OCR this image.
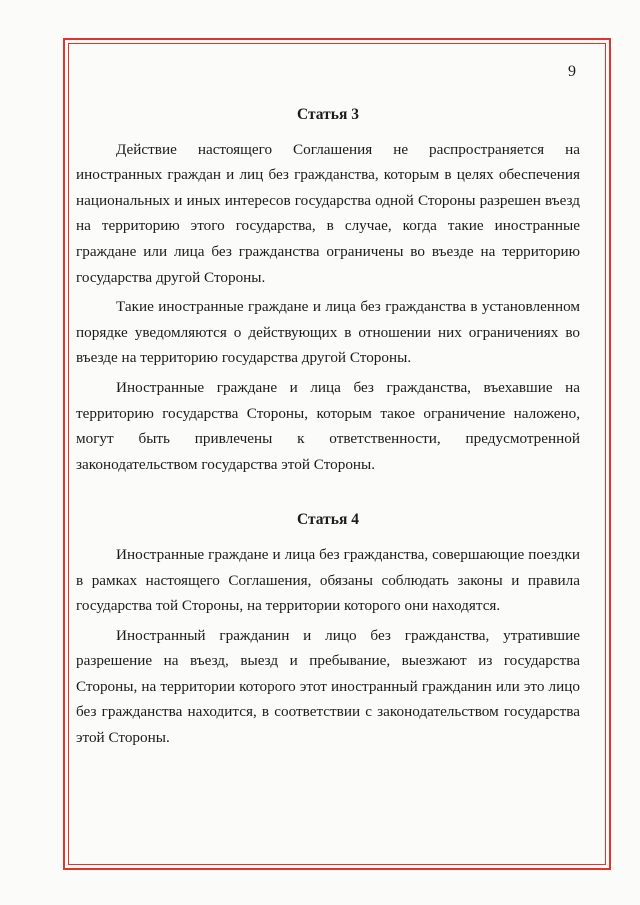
9
Статья 3

Действие настоящего Соглашения не распространяется на иностранных граждан и лиц без гражданства, которым в целях обеспечения национальных и иных интересов государства одной Стороны разрешен въезд на территорию этого государства, в случае, когда такие иностранные граждане или лица без гражданства ограничены во въезде на территорию государства другой Стороны.

Такие иностранные граждане и лица без гражданства в установленном порядке уведомляются о действующих в отношении них ограничениях во въезде на территорию государства другой Стороны.

Иностранные граждане и лица без гражданства, въехавшие на территорию государства Стороны, которым такое ограничение наложено, могут быть привлечены к ответственности, предусмотренной законодательством государства этой Стороны.

Статья 4

Иностранные граждане и лица без гражданства, совершающие поездки в рамках настоящего Соглашения, обязаны соблюдать законы и правила государства той Стороны, на территории которого они находятся.

Иностранный гражданин и лицо без гражданства, утратившие разрешение на въезд, выезд и пребывание, выезжают из государства Стороны, на территории которого этот иностранный гражданин или это лицо без гражданства находится, в соответствии с законодательством государства этой Стороны.
